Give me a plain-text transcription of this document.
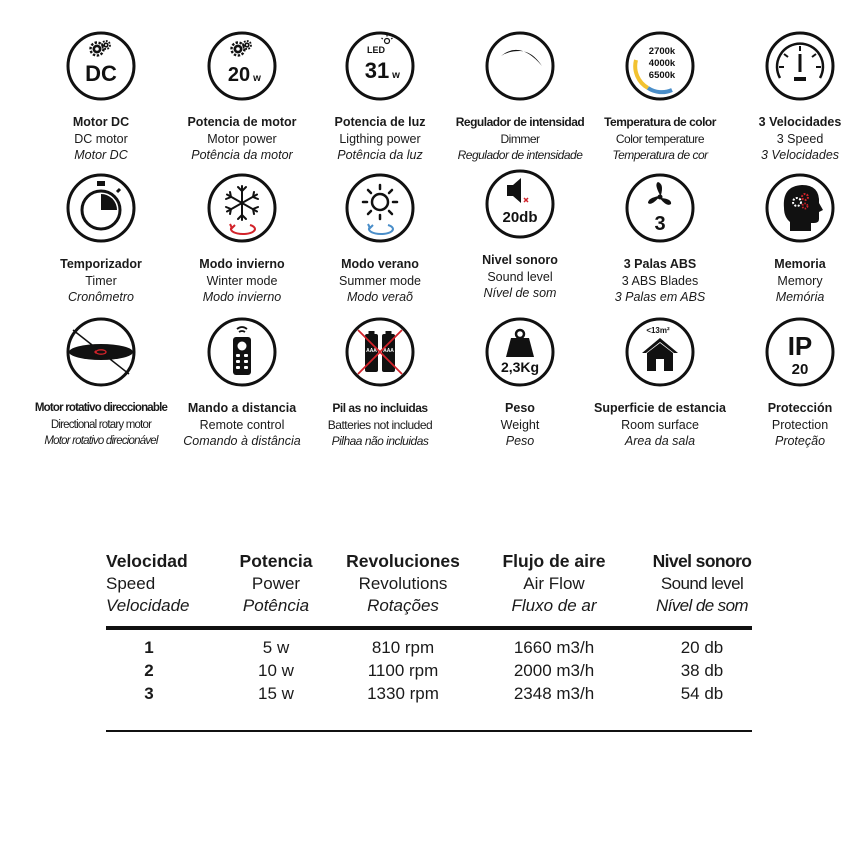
DC
Motor DC
DC motor
Motor DC
20 w
Potencia de motor
Motor power
Potência da motor
LED
31 w
Potencia de luz
Ligthing power
Potência da luz
Regulador de intensidad
Dimmer
Regulador de intensidade
2700k
4000k
6500k
Temperatura de color
Color temperature
Temperatura de cor
3 Velocidades
3 Speed
3 Velocidades
Temporizador
Timer
Cronômetro
Modo invierno
Winter mode
Modo invierno
Modo verano
Summer mode
Modo veraõ
20db
Nivel sonoro
Sound level
Nível de som
3
3 Palas ABS
3 ABS Blades
3 Palas em ABS
Memoria
Memory
Memória
Motor rotativo direccionable
Directional rotary motor
Motor rotativo direcionável
Mando a distancia
Remote control
Comando à distância
AAA AAA
Pil as no incluidas
Batteries not included
Pilhaa não incluidas
2,3Kg
Peso
Weight
Peso
<13m²
Superficie de estancia
Room surface
Area da sala
IP
20
Protección
Protection
Proteção
Velocidad
Speed
Velocidade
Potencia
Power
Potência
Revoluciones
Revolutions
Rotações
Flujo de aire
Air Flow
Fluxo de ar
Nivel sonoro
Sound level
Nível de som
1	5 w	810 rpm	1660 m3/h	20 db
2	10 w	1100 rpm	2000 m3/h	38 db
3	15 w	1330 rpm	2348 m3/h	54 db
